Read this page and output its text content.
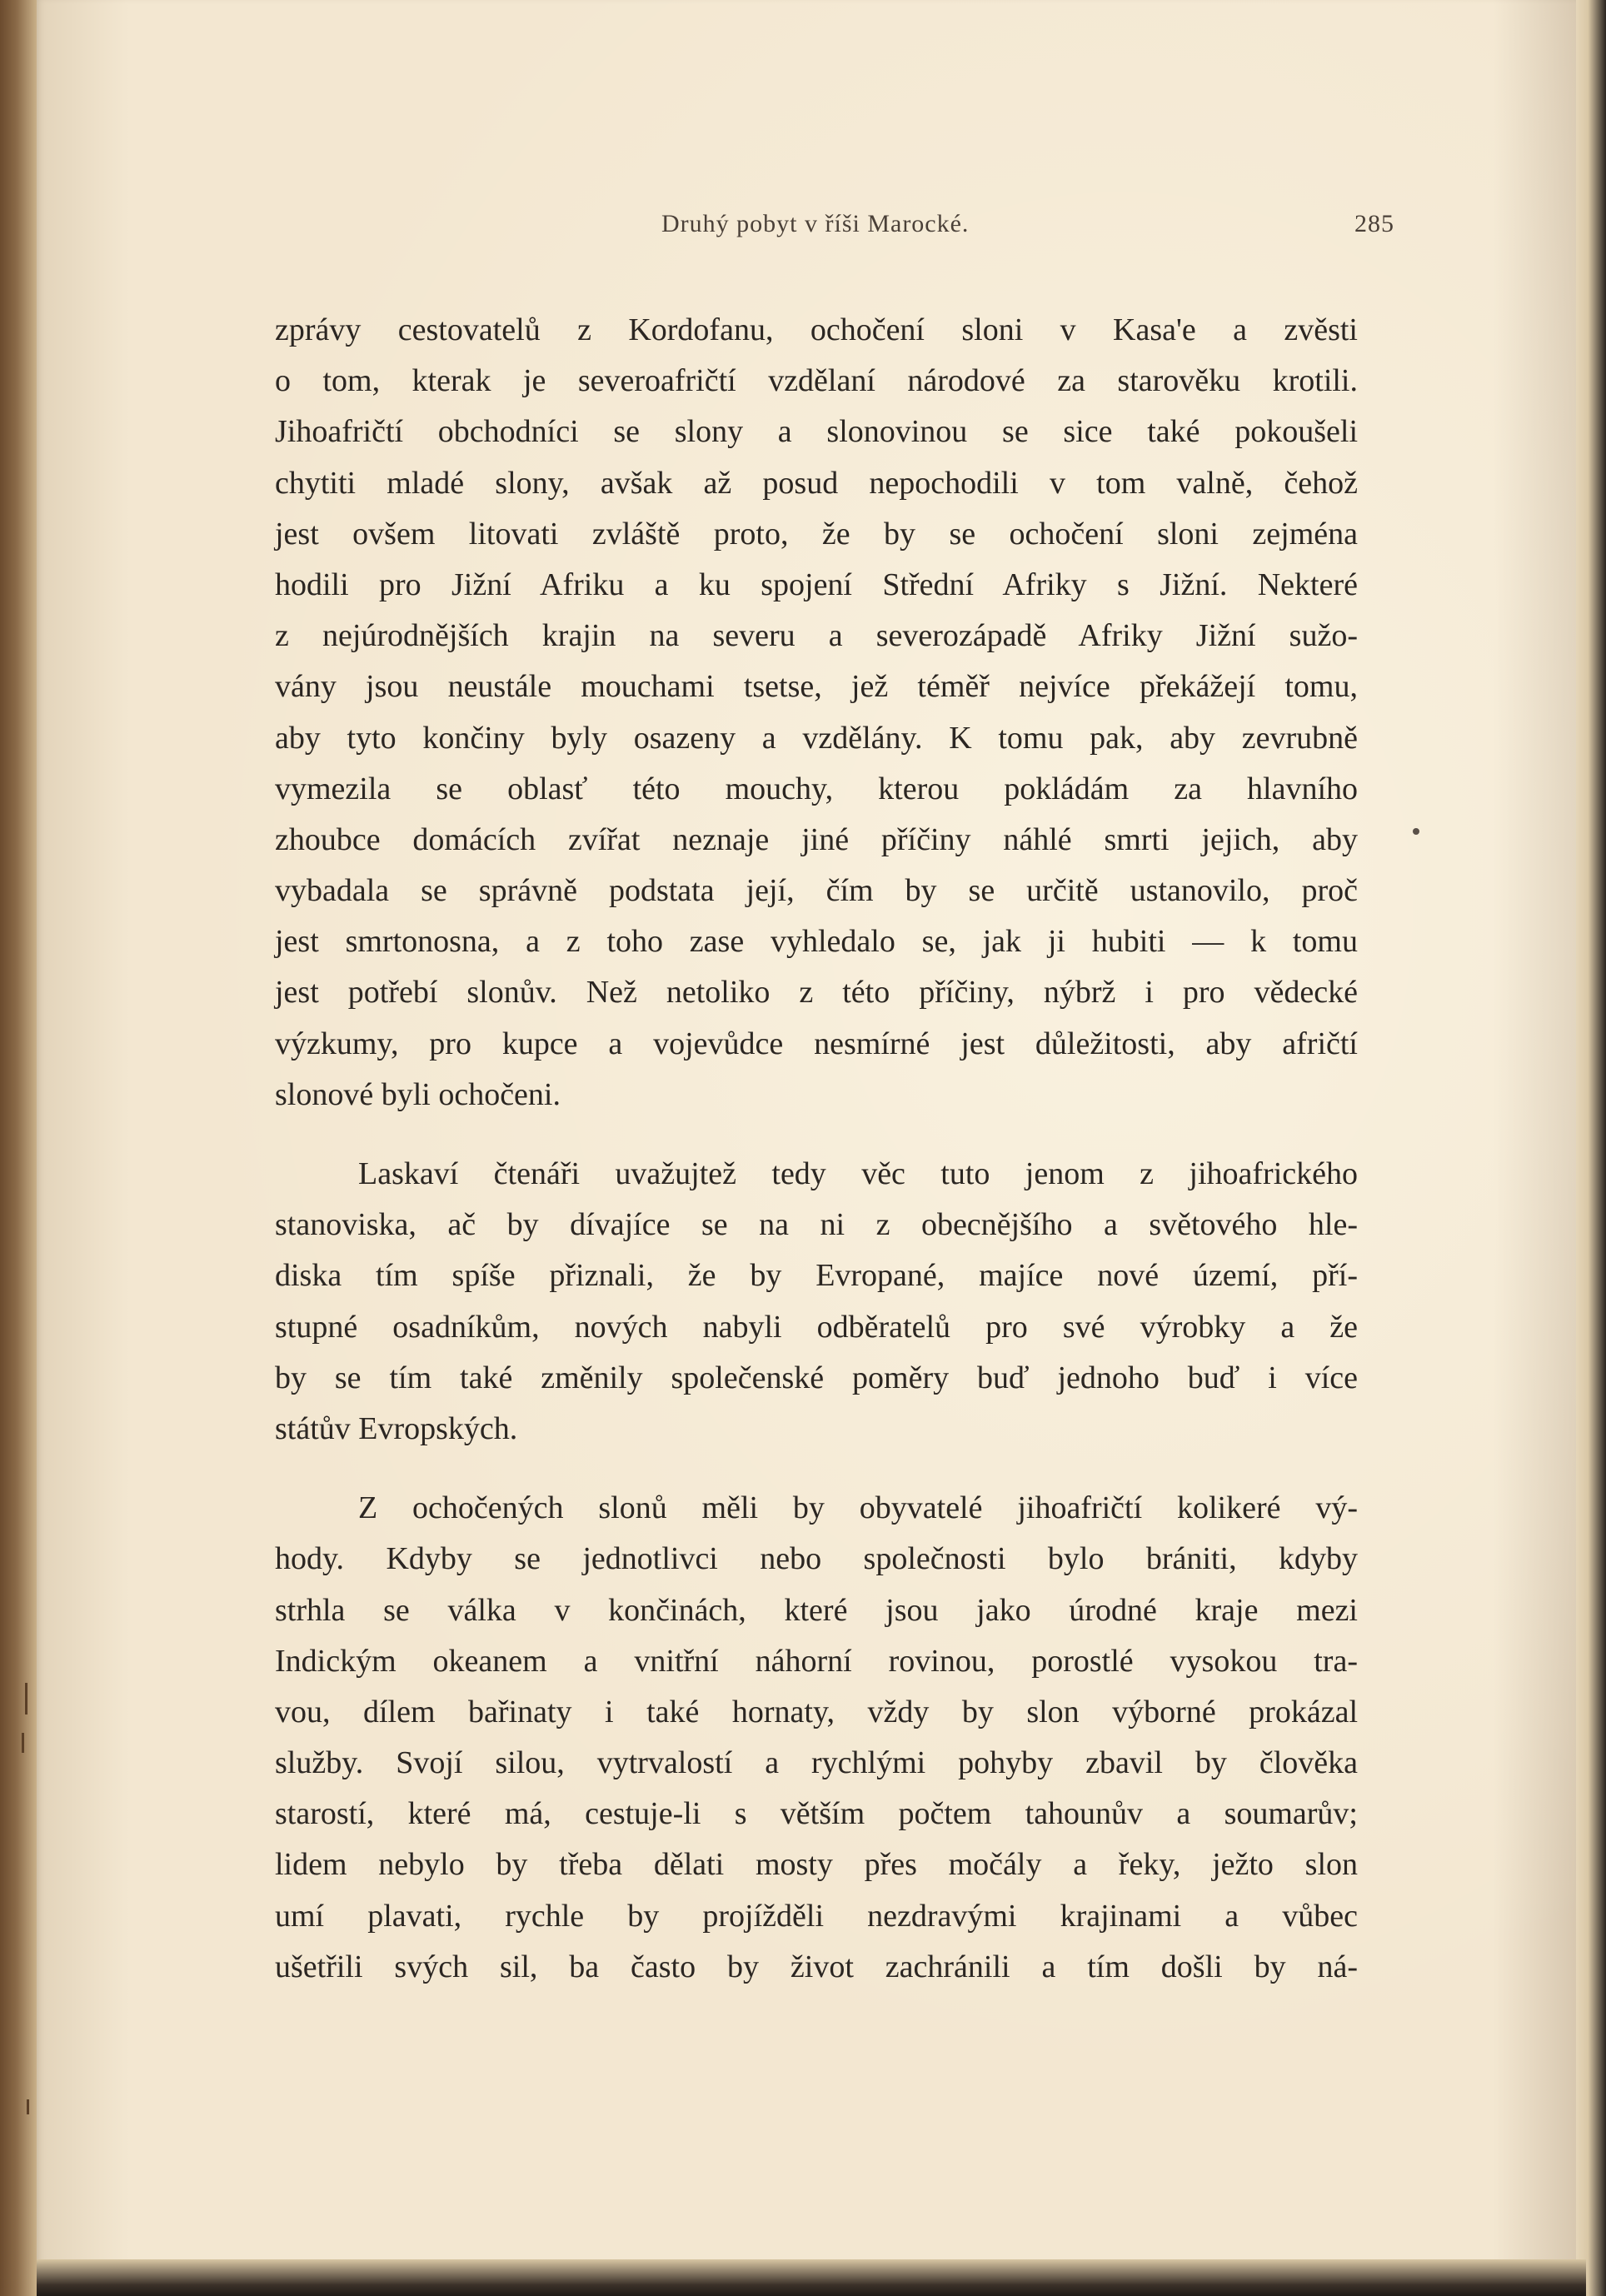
Druhý pobyt v říši Marocké.	285
zprávy cestovatelů z Kordofanu, ochočení sloni v Kasa'e a zvěsti
o tom, kterak je severoafričtí vzdělaní národové za starověku krotili.
Jihoafričtí obchodníci se slony a slonovinou se sice také pokoušeli
chytiti mladé slony, avšak až posud nepochodili v tom valně, čehož
jest ovšem litovati zvláště proto, že by se ochočení sloni zejména
hodili pro Jižní Afriku a ku spojení Střední Afriky s Jižní. Nekteré
z nejúrodnějších krajin na severu a severozápadě Afriky Jižní sužo-
vány jsou neustále mouchami tsetse, jež téměř nejvíce překážejí tomu,
aby tyto končiny byly osazeny a vzdělány. K tomu pak, aby zevrubně
vymezila se oblasť této mouchy, kterou pokládám za hlavního
zhoubce domácích zvířat neznaje jiné příčiny náhlé smrti jejich, aby
vybadala se správně podstata její, čím by se určitě ustanovilo, proč
jest smrtonosna, a z toho zase vyhledalo se, jak ji hubiti — k tomu
jest potřebí slonův. Než netoliko z této příčiny, nýbrž i pro vědecké
výzkumy, pro kupce a vojevůdce nesmírné jest důležitosti, aby afričtí
slonové byli ochočeni.
Laskaví čtenáři uvažujtež tedy věc tuto jenom z jihoafrického
stanoviska, ač by dívajíce se na ni z obecnějšího a světového hle-
diska tím spíše přiznali, že by Evropané, majíce nové území, pří-
stupné osadníkům, nových nabyli odběratelů pro své výrobky a že
by se tím také změnily společenské poměry buď jednoho buď i více
státův Evropských.
Z ochočených slonů měli by obyvatelé jihoafričtí kolikeré vý-
hody. Kdyby se jednotlivci nebo společnosti bylo brániti, kdyby
strhla se válka v končinách, které jsou jako úrodné kraje mezi
Indickým okeanem a vnitřní náhorní rovinou, porostlé vysokou tra-
vou, dílem bařinaty i také hornaty, vždy by slon výborné prokázal
služby. Svojí silou, vytrvalostí a rychlými pohyby zbavil by člověka
starostí, které má, cestuje-li s větším počtem tahounův a soumarův;
lidem nebylo by třeba dělati mosty přes močály a řeky, ježto slon
umí plavati, rychle by projížděli nezdravými krajinami a vůbec
ušetřili svých sil, ba často by život zachránili a tím došli by ná-
